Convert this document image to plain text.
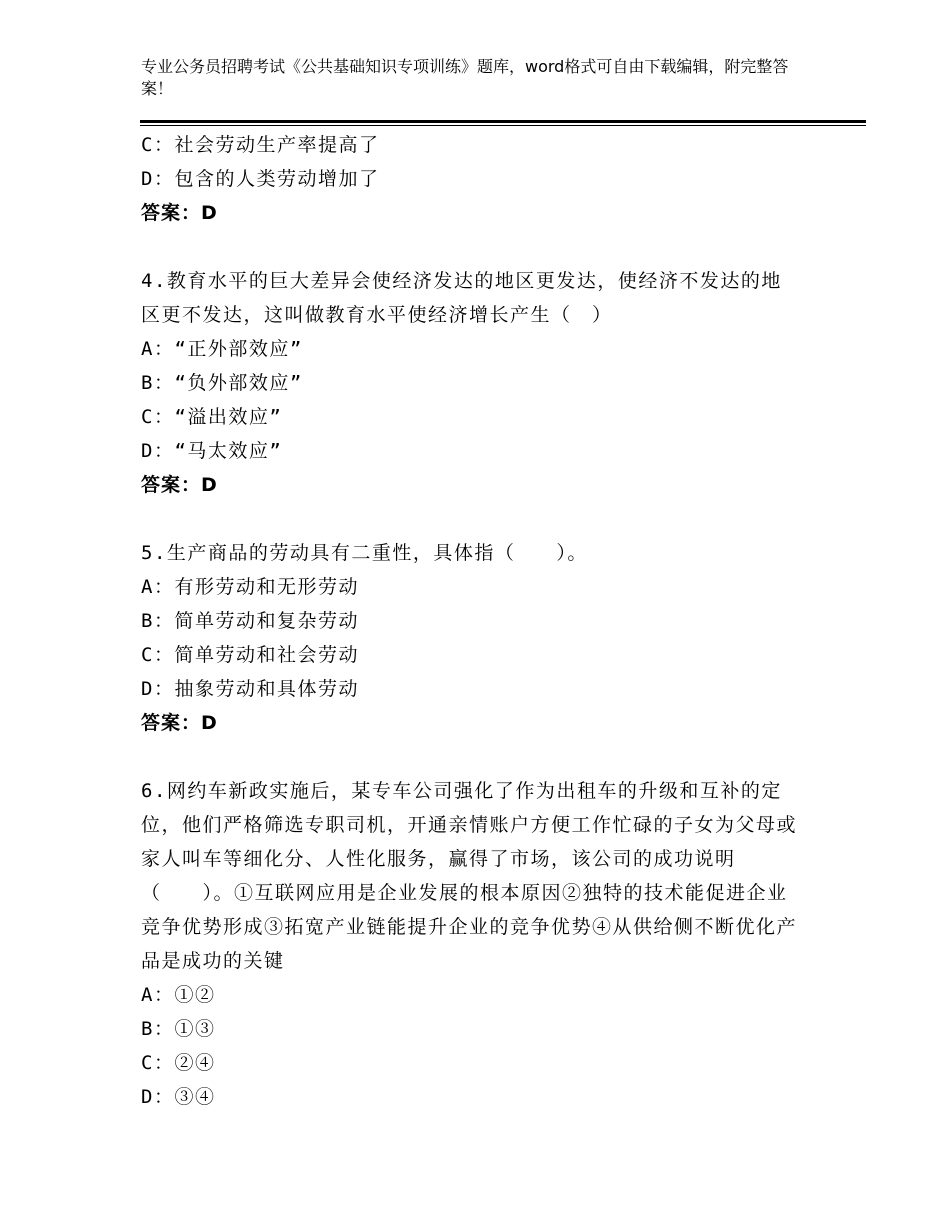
专业公务员招聘考试《公共基础知识专项训练》题库，word格式可自由下载编辑，附完整答案！
C：社会劳动生产率提高了
D：包含的人类劳动增加了
答案：D
4.教育水平的巨大差异会使经济发达的地区更发达，使经济不发达的地区更不发达，这叫做教育水平使经济增长产生（　）
A：“正外部效应”
B：“负外部效应”
C：“溢出效应”
D：“马太效应”
答案：D
5.生产商品的劳动具有二重性，具体指（　　）。
A：有形劳动和无形劳动
B：简单劳动和复杂劳动
C：简单劳动和社会劳动
D：抽象劳动和具体劳动
答案：D
6.网约车新政实施后，某专车公司强化了作为出租车的升级和互补的定位，他们严格筛选专职司机，开通亲情账户方便工作忙碌的子女为父母或家人叫车等细化分、人性化服务，赢得了市场，该公司的成功说明（　　）。①互联网应用是企业发展的根本原因②独特的技术能促进企业竞争优势形成③拓宽产业链能提升企业的竞争优势④从供给侧不断优化产品是成功的关键
A：①②
B：①③
C：②④
D：③④
